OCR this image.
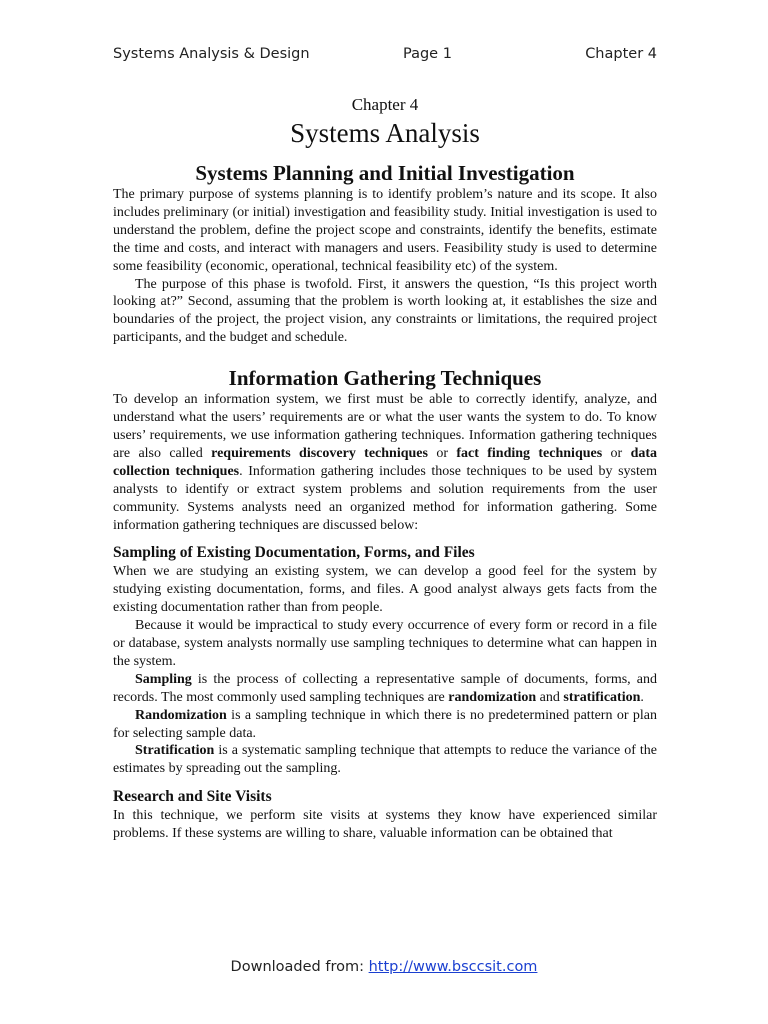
Systems Analysis & Design	Page 1	Chapter 4
Chapter 4
Systems Analysis
Systems Planning and Initial Investigation

The primary purpose of systems planning is to identify problem’s nature and its scope. It also includes preliminary (or initial) investigation and feasibility study. Initial investigation is used to understand the problem, define the project scope and constraints, identify the benefits, estimate the time and costs, and interact with managers and users. Feasibility study is used to determine some feasibility (economic, operational, technical feasibility etc) of the system.

The purpose of this phase is twofold. First, it answers the question, “Is this project worth looking at?” Second, assuming that the problem is worth looking at, it establishes the size and boundaries of the project, the project vision, any constraints or limitations, the required project participants, and the budget and schedule.

Information Gathering Techniques

To develop an information system, we first must be able to correctly identify, analyze, and understand what the users’ requirements are or what the user wants the system to do. To know users’ requirements, we use information gathering techniques. Information gathering techniques are also called requirements discovery techniques or fact finding techniques or data collection techniques. Information gathering includes those techniques to be used by system analysts to identify or extract system problems and solution requirements from the user community. Systems analysts need an organized method for information gathering. Some information gathering techniques are discussed below:

Sampling of Existing Documentation, Forms, and Files

When we are studying an existing system, we can develop a good feel for the system by studying existing documentation, forms, and files. A good analyst always gets facts from the existing documentation rather than from people.

Because it would be impractical to study every occurrence of every form or record in a file or database, system analysts normally use sampling techniques to determine what can happen in the system.

Sampling is the process of collecting a representative sample of documents, forms, and records. The most commonly used sampling techniques are randomization and stratification.

Randomization is a sampling technique in which there is no predetermined pattern or plan for selecting sample data.

Stratification is a systematic sampling technique that attempts to reduce the variance of the estimates by spreading out the sampling.

Research and Site Visits

In this technique, we perform site visits at systems they know have experienced similar problems. If these systems are willing to share, valuable information can be obtained that

Downloaded from: http://www.bsccsit.com
